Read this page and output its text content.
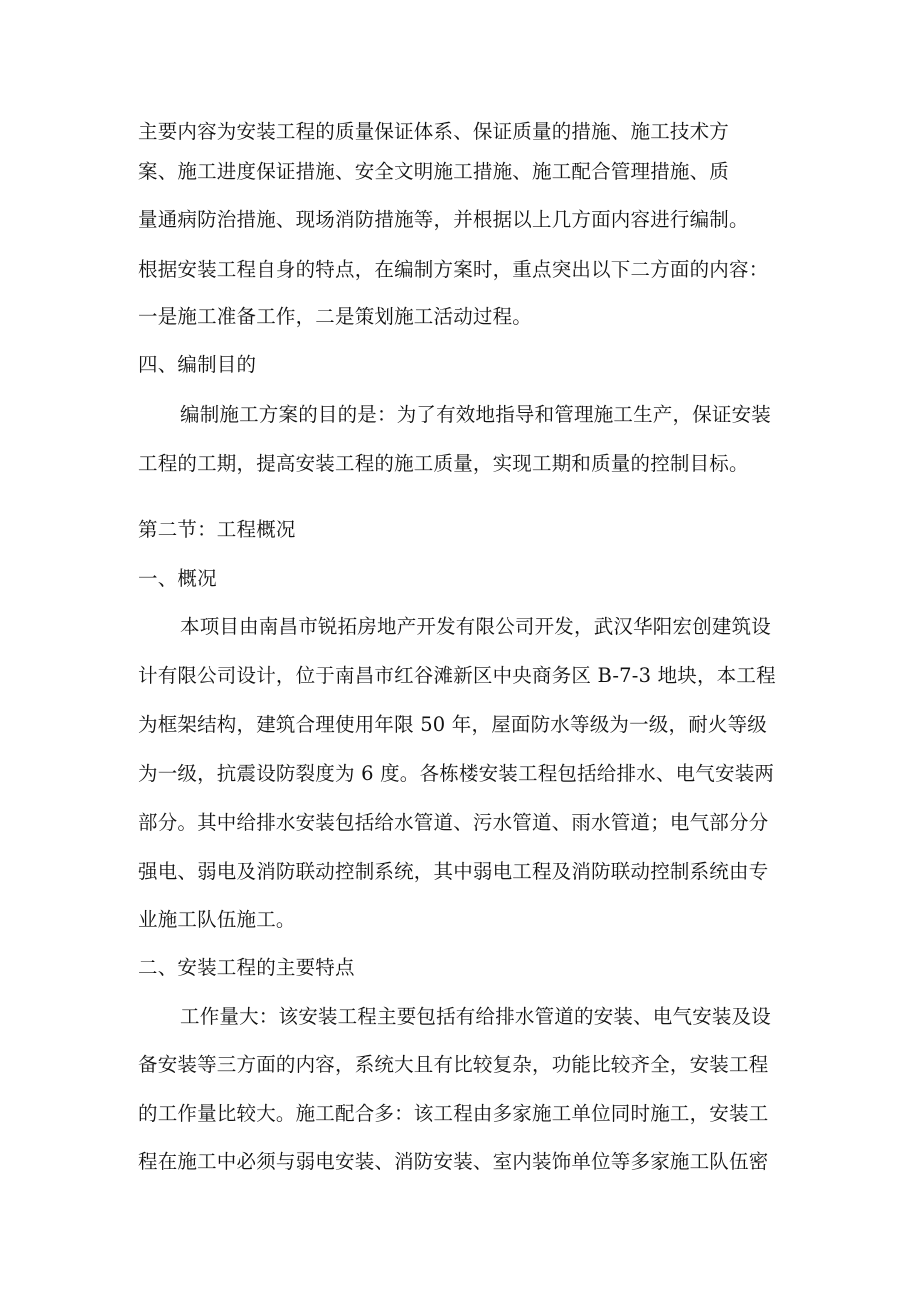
主要内容为安装工程的质量保证体系、保证质量的措施、施工技术方
案、施工进度保证措施、安全文明施工措施、施工配合管理措施、质
量通病防治措施、现场消防措施等，并根据以上几方面内容进行编制。
根据安装工程自身的特点，在编制方案时，重点突出以下二方面的内容：
一是施工准备工作，二是策划施工活动过程。
四、编制目的
编制施工方案的目的是：为了有效地指导和管理施工生产，保证安装
工程的工期，提高安装工程的施工质量，实现工期和质量的控制目标。
第二节：工程概况
一、概况
本项目由南昌市锐拓房地产开发有限公司开发，武汉华阳宏创建筑设
计有限公司设计，位于南昌市红谷滩新区中央商务区 B-7-3 地块，本工程
为框架结构，建筑合理使用年限 50 年，屋面防水等级为一级，耐火等级
为一级，抗震设防裂度为 6 度。各栋楼安装工程包括给排水、电气安装两
部分。其中给排水安装包括给水管道、污水管道、雨水管道；电气部分分
强电、弱电及消防联动控制系统，其中弱电工程及消防联动控制系统由专
业施工队伍施工。
二、安装工程的主要特点
工作量大：该安装工程主要包括有给排水管道的安装、电气安装及设
备安装等三方面的内容，系统大且有比较复杂，功能比较齐全，安装工程
的工作量比较大。施工配合多：该工程由多家施工单位同时施工，安装工
程在施工中必须与弱电安装、消防安装、室内装饰单位等多家施工队伍密
